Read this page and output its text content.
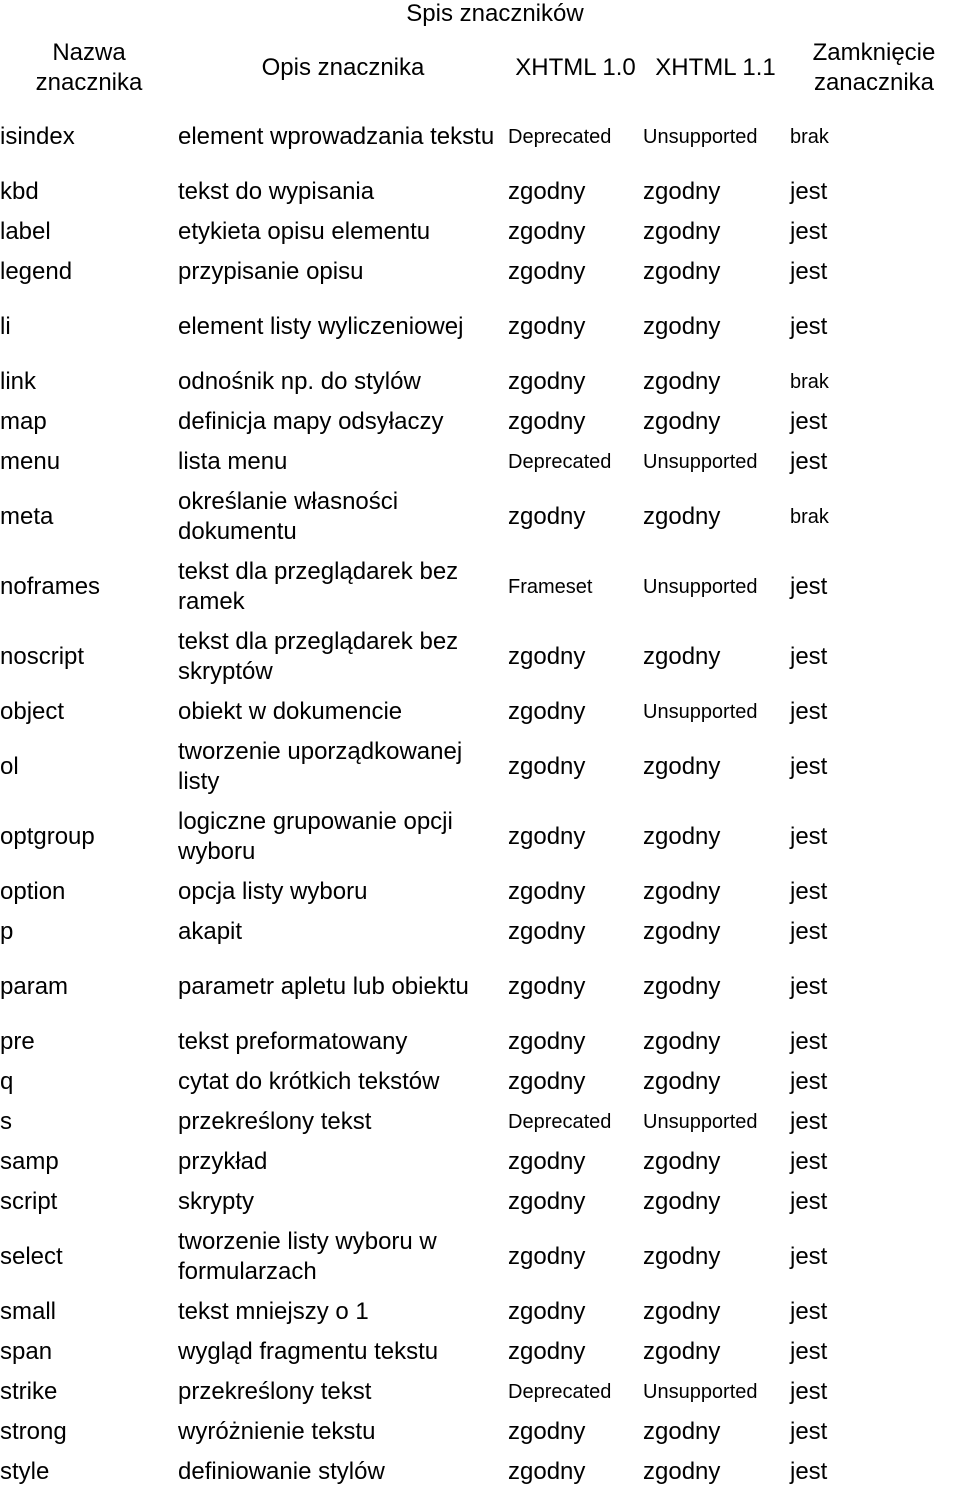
Spis znaczników
Nazwa znacznika	Opis znacznika	XHTML 1.0	XHTML 1.1	Zamknięcie zanacznika
isindex	element wprowadzania tekstu	Deprecated	Unsupported	brak
kbd	tekst do wypisania	zgodny	zgodny	jest
label	etykieta opisu elementu	zgodny	zgodny	jest
legend	przypisanie opisu	zgodny	zgodny	jest
li	element listy wyliczeniowej	zgodny	zgodny	jest
link	odnośnik np. do stylów	zgodny	zgodny	brak
map	definicja mapy odsyłaczy	zgodny	zgodny	jest
menu	lista menu	Deprecated	Unsupported	jest
meta	określanie własności dokumentu	zgodny	zgodny	brak
noframes	tekst dla przeglądarek bez ramek	Frameset	Unsupported	jest
noscript	tekst dla przeglądarek bez skryptów	zgodny	zgodny	jest
object	obiekt w dokumencie	zgodny	Unsupported	jest
ol	tworzenie uporządkowanej listy	zgodny	zgodny	jest
optgroup	logiczne grupowanie opcji wyboru	zgodny	zgodny	jest
option	opcja listy wyboru	zgodny	zgodny	jest
p	akapit	zgodny	zgodny	jest
param	parametr apletu lub obiektu	zgodny	zgodny	jest
pre	tekst preformatowany	zgodny	zgodny	jest
q	cytat do krótkich tekstów	zgodny	zgodny	jest
s	przekreślony tekst	Deprecated	Unsupported	jest
samp	przykład	zgodny	zgodny	jest
script	skrypty	zgodny	zgodny	jest
select	tworzenie listy wyboru w formularzach	zgodny	zgodny	jest
small	tekst mniejszy o 1	zgodny	zgodny	jest
span	wygląd fragmentu tekstu	zgodny	zgodny	jest
strike	przekreślony tekst	Deprecated	Unsupported	jest
strong	wyróżnienie tekstu	zgodny	zgodny	jest
style	definiowanie stylów	zgodny	zgodny	jest
